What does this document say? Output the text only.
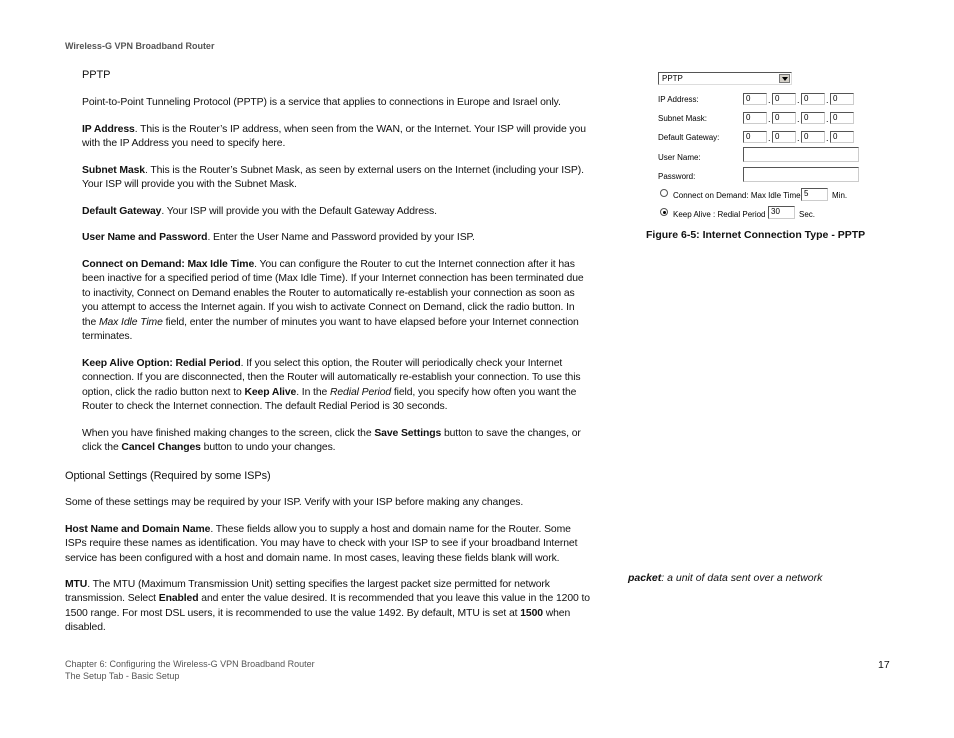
Wireless-G VPN Broadband Router
PPTP
Point-to-Point Tunneling Protocol (PPTP) is a service that applies to connections in Europe and Israel only.
IP Address. This is the Router’s IP address, when seen from the WAN, or the Internet. Your ISP will provide you with the IP Address you need to specify here.
Subnet Mask. This is the Router’s Subnet Mask, as seen by external users on the Internet (including your ISP). Your ISP will provide you with the Subnet Mask.
Default Gateway. Your ISP will provide you with the Default Gateway Address.
User Name and Password. Enter the User Name and Password provided by your ISP.
Connect on Demand: Max Idle Time. You can configure the Router to cut the Internet connection after it has been inactive for a specified period of time (Max Idle Time). If your Internet connection has been terminated due to inactivity, Connect on Demand enables the Router to automatically re-establish your connection as soon as you attempt to access the Internet again. If you wish to activate Connect on Demand, click the radio button. In the Max Idle Time field, enter the number of minutes you want to have elapsed before your Internet connection terminates.
Keep Alive Option: Redial Period. If you select this option, the Router will periodically check your Internet connection. If you are disconnected, then the Router will automatically re-establish your connection. To use this option, click the radio button next to Keep Alive. In the Redial Period field, you specify how often you want the Router to check the Internet connection. The default Redial Period is 30 seconds.
When you have finished making changes to the screen, click the Save Settings button to save the changes, or click the Cancel Changes button to undo your changes.
Optional Settings (Required by some ISPs)
Some of these settings may be required by your ISP. Verify with your ISP before making any changes.
Host Name and Domain Name. These fields allow you to supply a host and domain name for the Router. Some ISPs require these names as identification. You may have to check with your ISP to see if your broadband Internet service has been configured with a host and domain name. In most cases, leaving these fields blank will work.
MTU. The MTU (Maximum Transmission Unit) setting specifies the largest packet size permitted for network transmission. Select Enabled and enter the value desired. It is recommended that you leave this value in the 1200 to 1500 range. For most DSL users, it is recommended to use the value 1492. By default, MTU is set at 1500 when disabled.
PPTP
IP Address:	0	. 0	. 0	. 0
Subnet Mask:	0	. 0	. 0	. 0
Default Gateway:	0	. 0	. 0	. 0
User Name:
Password:
Connect on Demand: Max Idle Time 5	Min.
Keep Alive : Redial Period 30	Sec.
Figure 6-5: Internet Connection Type - PPTP
packet: a unit of data sent over a network
Chapter 6: Configuring the Wireless-G VPN Broadband Router
The Setup Tab - Basic Setup
17
